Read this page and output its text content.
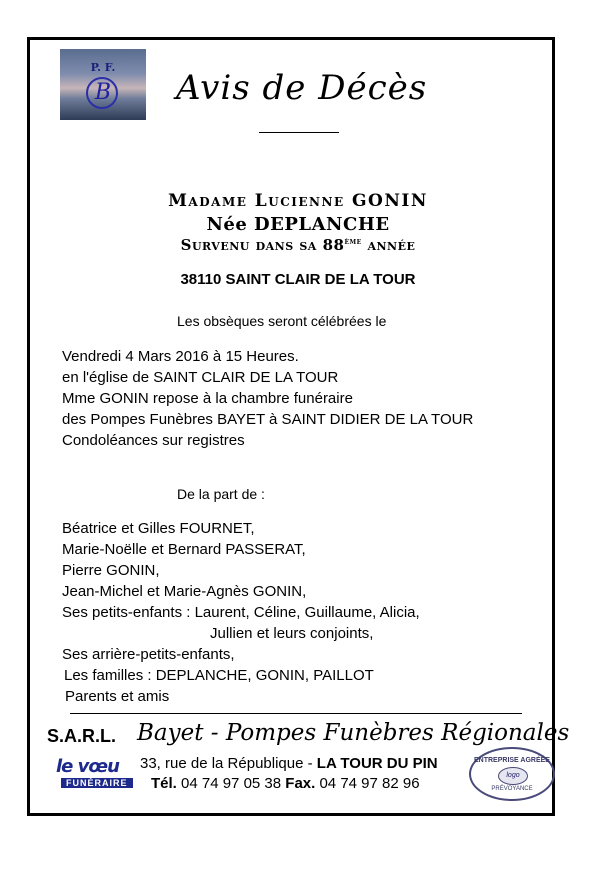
P. F.
B	Avis de Décès
Madame Lucienne GONIN
Née DEPLANCHE
Survenu dans sa 88ème année
38110 SAINT CLAIR DE LA TOUR
Les obsèques seront célébrées le
Vendredi 4 Mars 2016 à 15 Heures.
en l'église de SAINT CLAIR DE LA TOUR
Mme GONIN repose à la chambre funéraire
des Pompes Funèbres BAYET à SAINT DIDIER DE LA TOUR
Condoléances sur registres
De la part de :
Béatrice et Gilles FOURNET,
Marie-Noëlle et Bernard PASSERAT,
Pierre GONIN,
Jean-Michel et Marie-Agnès GONIN,
Ses petits-enfants : Laurent, Céline, Guillaume, Alicia,
Jullien et leurs conjoints,
Ses arrière-petits-enfants,
Les familles : DEPLANCHE, GONIN, PAILLOT
Parents et amis
S.A.R.L. Bayet - Pompes Funèbres Régionales
le vœu
FUNÉRAIRE
33, rue de la République - LA TOUR DU PIN
Tél. 04 74 97 05 38 Fax. 04 74 97 82 96
ENTREPRISE AGRÉÉE
logo
PRÉVOYANCE
